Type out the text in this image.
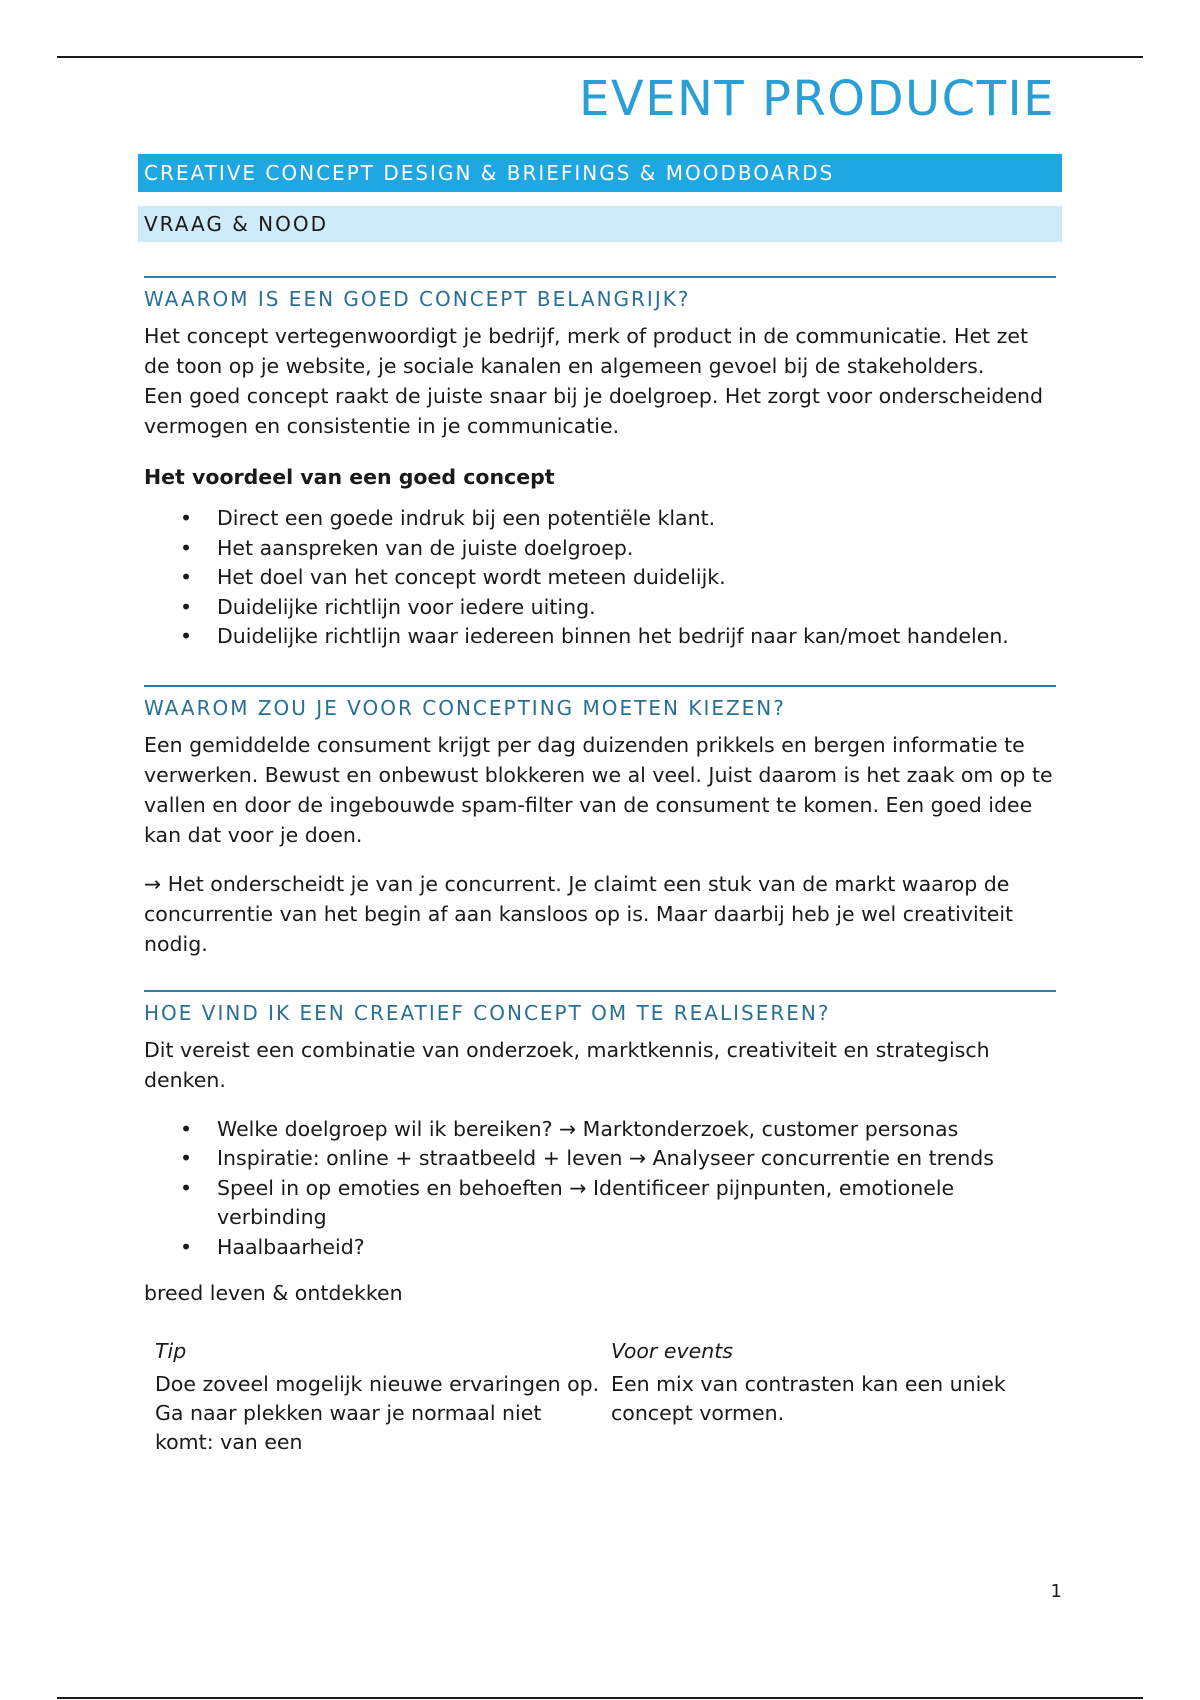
EVENT PRODUCTIE
CREATIVE CONCEPT DESIGN & BRIEFINGS & MOODBOARDS
VRAAG & NOOD
WAAROM IS EEN GOED CONCEPT BELANGRIJK?

Het concept vertegenwoordigt je bedrijf, merk of product in de communicatie. Het zet de toon op je website, je sociale kanalen en algemeen gevoel bij de stakeholders.

Een goed concept raakt de juiste snaar bij je doelgroep. Het zorgt voor onderscheidend vermogen en consistentie in je communicatie.

Het voordeel van een goed concept

• Direct een goede indruk bij een potentiële klant.
• Het aanspreken van de juiste doelgroep.
• Het doel van het concept wordt meteen duidelijk.
• Duidelijke richtlijn voor iedere uiting.
• Duidelijke richtlijn waar iedereen binnen het bedrijf naar kan/moet handelen.
WAAROM ZOU JE VOOR CONCEPTING MOETEN KIEZEN?

Een gemiddelde consument krijgt per dag duizenden prikkels en bergen informatie te verwerken. Bewust en onbewust blokkeren we al veel. Juist daarom is het zaak om op te vallen en door de ingebouwde spam-filter van de consument te komen. Een goed idee kan dat voor je doen.

→ Het onderscheidt je van je concurrent. Je claimt een stuk van de markt waarop de concurrentie van het begin af aan kansloos op is. Maar daarbij heb je wel creativiteit nodig.

HOE VIND IK EEN CREATIEF CONCEPT OM TE REALISEREN?

Dit vereist een combinatie van onderzoek, marktkennis, creativiteit en strategisch denken.

• Welke doelgroep wil ik bereiken? → Marktonderzoek, customer personas
• Inspiratie: online + straatbeeld + leven → Analyseer concurrentie en trends
• Speel in op emoties en behoeften → Identificeer pijnpunten, emotionele verbinding
• Haalbaarheid?

breed leven & ontdekken

Tip

Doe zoveel mogelijk nieuwe ervaringen op. Ga naar plekken waar je normaal niet komt: van een

Voor events

Een mix van contrasten kan een uniek concept vormen.

1
